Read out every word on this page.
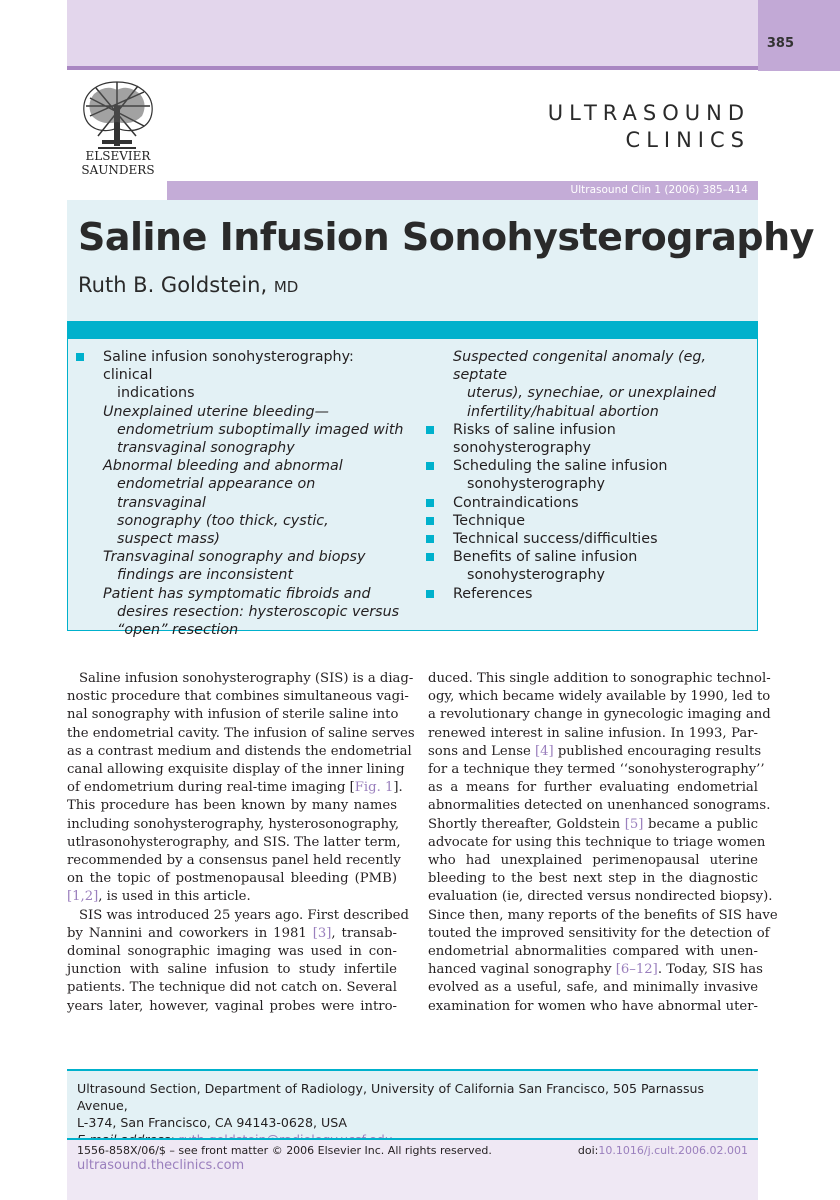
385
ELSEVIER
SAUNDERS
ULTRASOUND
CLINICS
Ultrasound Clin 1 (2006) 385–414
Saline Infusion Sonohysterography
Ruth B. Goldstein, MD
Saline infusion sonohysterography: clinical
indications
Unexplained uterine bleeding—
endometrium suboptimally imaged with
transvaginal sonography
Abnormal bleeding and abnormal
endometrial appearance on transvaginal
sonography (too thick, cystic,
suspect mass)
Transvaginal sonography and biopsy
findings are inconsistent
Patient has symptomatic fibroids and
desires resection: hysteroscopic versus
“open” resection
Suspected congenital anomaly (eg, septate
uterus), synechiae, or unexplained
infertility/habitual abortion
Risks of saline infusion sonohysterography
Scheduling the saline infusion
sonohysterography
Contraindications
Technique
Technical success/difficulties
Benefits of saline infusion
sonohysterography
References
Saline infusion sonohysterography (SIS) is a diag-
nostic procedure that combines simultaneous vagi-
nal sonography with infusion of sterile saline into
the endometrial cavity. The infusion of saline serves
as a contrast medium and distends the endometrial
canal allowing exquisite display of the inner lining
of endometrium during real-time imaging [Fig. 1].
This procedure has been known by many names
including sonohysterography, hysterosonography,
utlrasonohysterography, and SIS. The latter term,
recommended by a consensus panel held recently
on the topic of postmenopausal bleeding (PMB)
[1,2], is used in this article.
SIS was introduced 25 years ago. First described
by Nannini and coworkers in 1981 [3], transab-
dominal sonographic imaging was used in con-
junction with saline infusion to study infertile
patients. The technique did not catch on. Several
years later, however, vaginal probes were intro-
duced. This single addition to sonographic technol-
ogy, which became widely available by 1990, led to
a revolutionary change in gynecologic imaging and
renewed interest in saline infusion. In 1993, Par-
sons and Lense [4] published encouraging results
for a technique they termed ‘‘sonohysterography’’
as a means for further evaluating endometrial
abnormalities detected on unenhanced sonograms.
Shortly thereafter, Goldstein [5] became a public
advocate for using this technique to triage women
who had unexplained perimenopausal uterine
bleeding to the best next step in the diagnostic
evaluation (ie, directed versus nondirected biopsy).
Since then, many reports of the benefits of SIS have
touted the improved sensitivity for the detection of
endometrial abnormalities compared with unen-
hanced vaginal sonography [6–12]. Today, SIS has
evolved as a useful, safe, and minimally invasive
examination for women who have abnormal uter-
Ultrasound Section, Department of Radiology, University of California San Francisco, 505 Parnassus Avenue,
L-374, San Francisco, CA 94143-0628, USA
1556-858X/06/$ – see front matter © 2006 Elsevier Inc. All rights reserved.	doi:10.1016/j.cult.2006.02.001
ultrasound.theclinics.com
